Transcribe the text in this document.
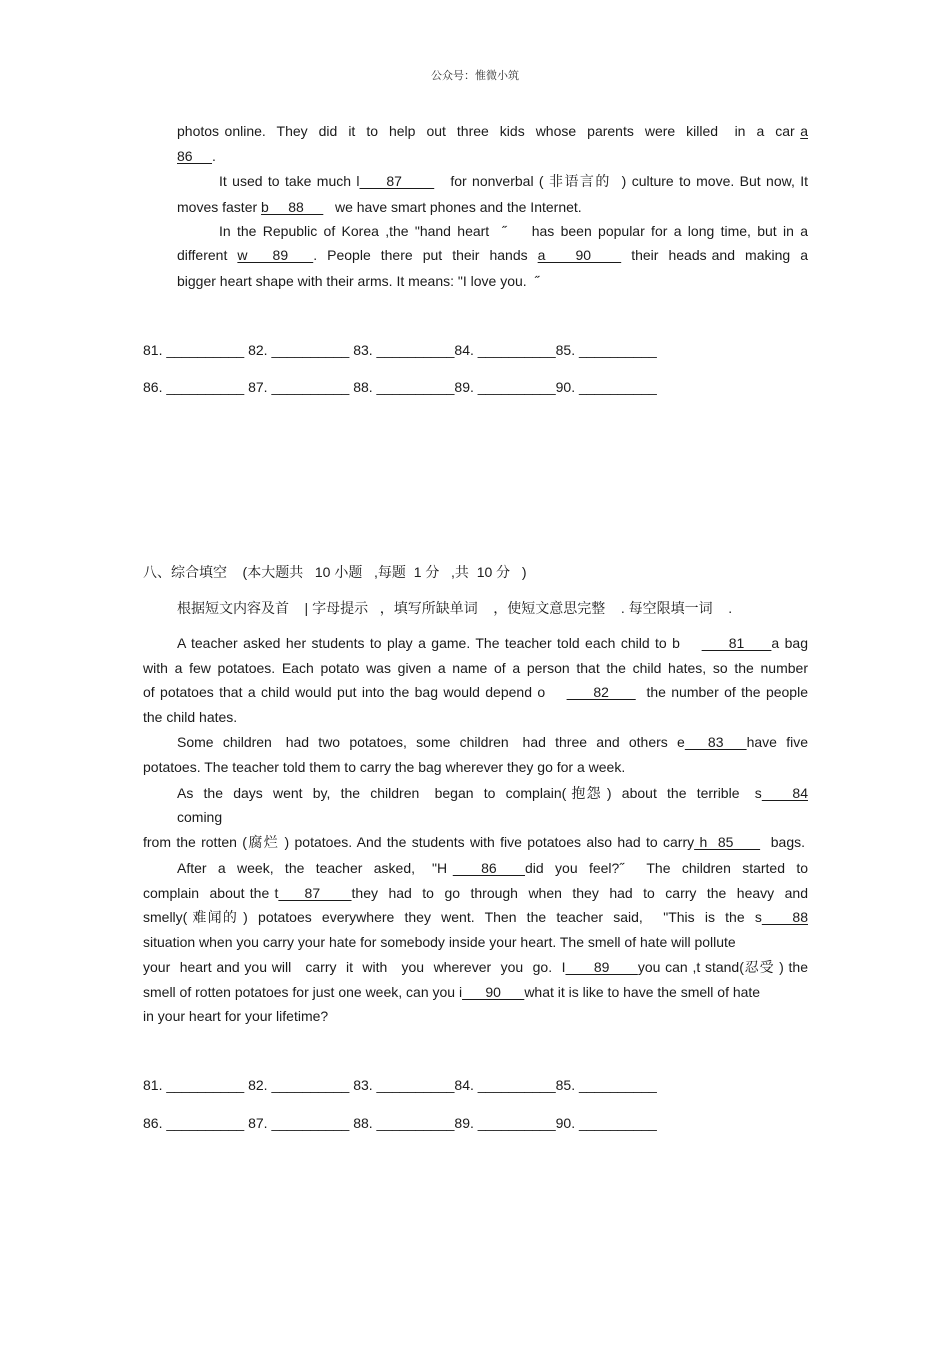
公众号：惟微小筑
photos online.  They  did  it  to  help  out  three  kids  whose  parents  were  killed   in  a  car a
86     .
It used to take much l     87         for nonverbal ( 非语言的  ) culture to move. But now, It
moves faster b     88        we have smart phones and the Internet.
In the Republic of Korea ,the "hand heart  ˝    has been popular for a long time, but in a
different  w     89     .  People  there  put  their  hands  a      90        their  heads and  making  a
bigger heart shape with their arms. It means: "I love you.  ˝
81. __________ 82. __________ 83. __________84. __________85. __________
86. __________ 87. __________ 88. __________89. __________90. __________
八、综合填空    (本大题共   10 小题   ,每题  1 分   ,共  10 分   )
根据短文内容及首    | 字母提示   ，填写所缺单词    ，使短文意思完整    . 每空限填一词    .
A teacher asked her students to play a game. The teacher told each child to b         81     a bag
with a few potatoes. Each potato was given a name of a person that the child hates, so the number
of potatoes that a child would put into the bag would depend o         82       the number of the people
the child hates.
Some  children   had  two  potatoes,  some  children   had  three  and  others  e     83     have  five
potatoes. The teacher told them to carry the bag wherever they go for a week.
As  the  days  went  by,  the  children   began  to  complain( 抱怨 )  about  the  terrible   s      84
coming
from the rotten (腐烂 ) potatoes. And the students with five potatoes also had to carry h  85       bags.
After  a  week,  the  teacher  asked,   "H      86     did  you  feel?˝    The  children  started  to
complain  about the t     87      they  had  to  go  through  when  they  had  to  carry  the  heavy  and
smelly( 难闻的 )  potatoes  everywhere  they  went.  Then  the  teacher  said,    "This  is  the  s      88
situation when you carry your hate for somebody inside your heart. The smell of hate will pollute
your  heart and you will   carry  it  with   you  wherever  you  go.  I      89      you can ,t stand(忍受 ) the
smell of rotten potatoes for just one week, can you i      90      what it is like to have the smell of hate
in your heart for your lifetime?
81. __________ 82. __________ 83. __________84. __________85. __________
86. __________ 87. __________ 88. __________89. __________90. __________
